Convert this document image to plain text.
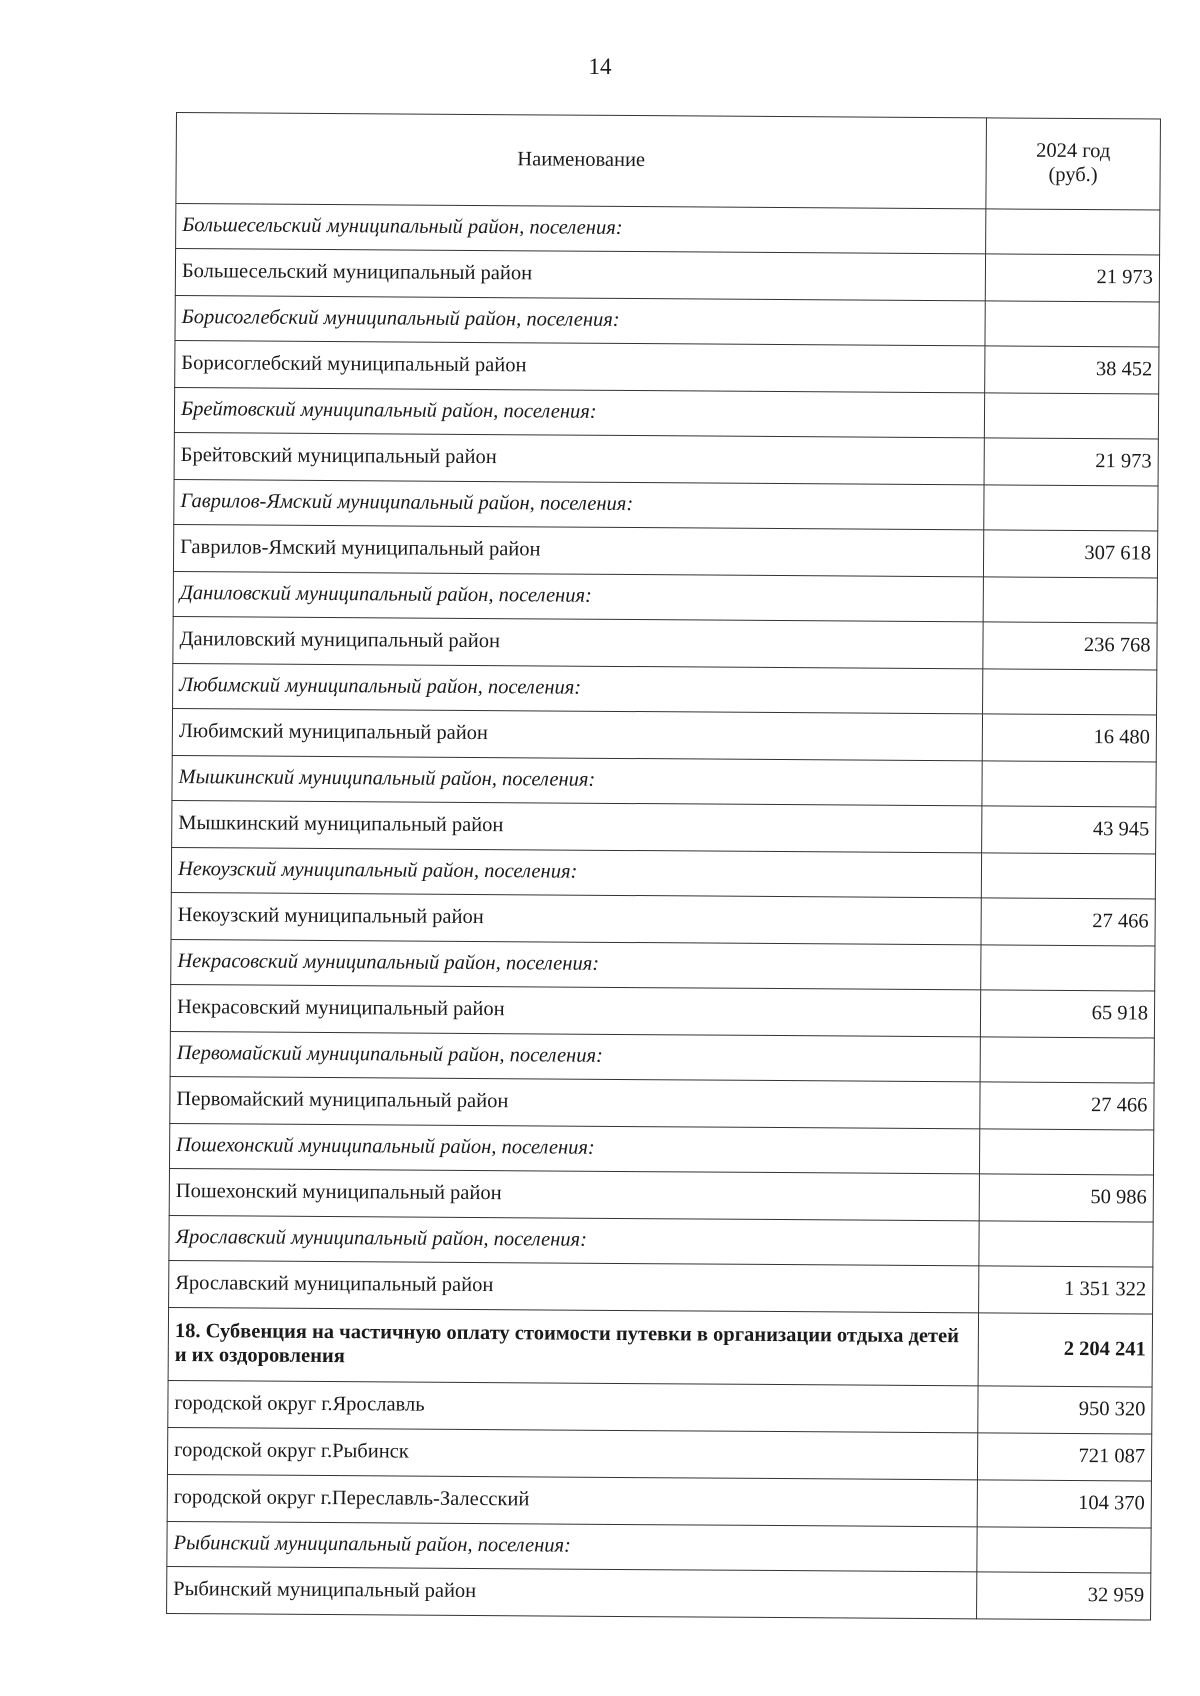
14
Наименование	2024 год
(руб.)
Большесельский муниципальный район, поселения:	
Большесельский муниципальный район	21 973
Борисоглебский муниципальный район, поселения:	
Борисоглебский муниципальный район	38 452
Брейтовский муниципальный район, поселения:	
Брейтовский муниципальный район	21 973
Гаврилов-Ямский муниципальный район, поселения:	
Гаврилов-Ямский муниципальный район	307 618
Даниловский муниципальный район, поселения:	
Даниловский муниципальный район	236 768
Любимский муниципальный район, поселения:	
Любимский муниципальный район	16 480
Мышкинский муниципальный район, поселения:	
Мышкинский муниципальный район	43 945
Некоузский муниципальный район, поселения:	
Некоузский муниципальный район	27 466
Некрасовский муниципальный район, поселения:	
Некрасовский муниципальный район	65 918
Первомайский муниципальный район, поселения:	
Первомайский муниципальный район	27 466
Пошехонский муниципальный район, поселения:	
Пошехонский муниципальный район	50 986
Ярославский муниципальный район, поселения:	
Ярославский муниципальный район	1 351 322
18. Субвенция на частичную оплату стоимости путевки в организации отдыха детей и их оздоровления	2 204 241
городской округ г.Ярославль	950 320
городской округ г.Рыбинск	721 087
городской округ г.Переславль-Залесский	104 370
Рыбинский муниципальный район, поселения:	
Рыбинский муниципальный район	32 959
